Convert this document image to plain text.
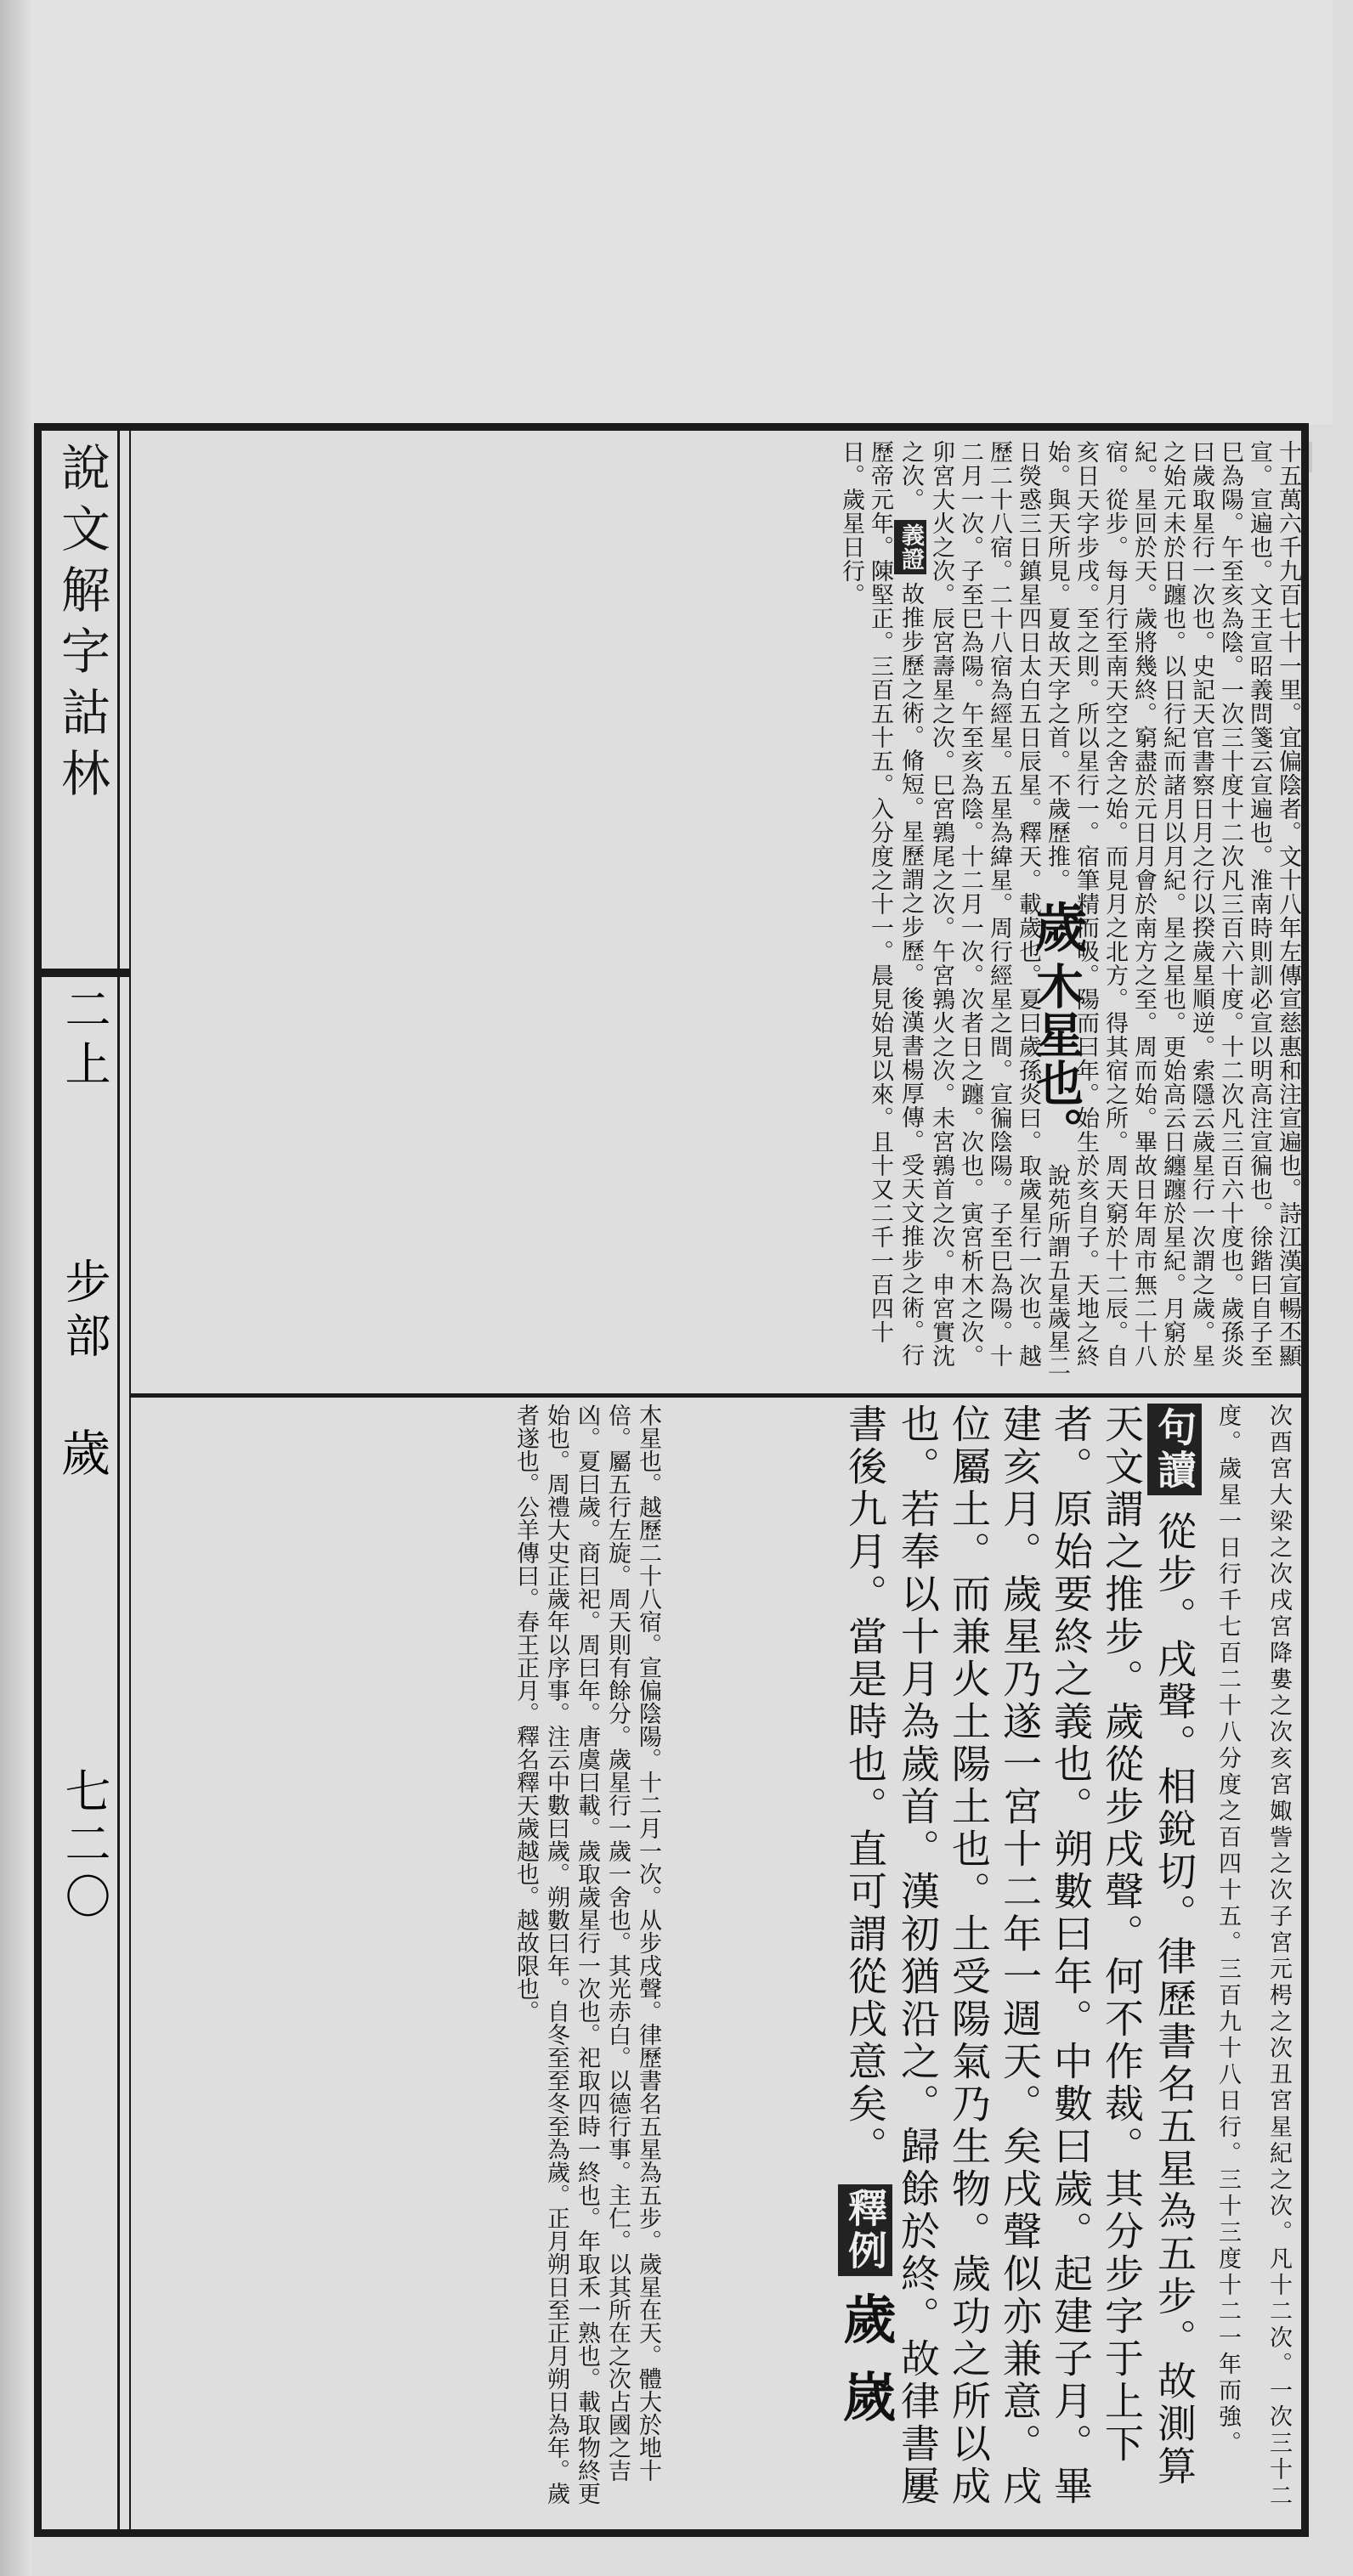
說文解字詁林
二上
步部
歲
七二〇
十五萬六千九百七十一里。宜偏陰者。文十八年左傳宣慈惠和注宣遍也。詩江漢宣暢丕顯宣。宣遍也。文王宣昭義問箋云宣遍也。淮南時則訓必宣以明高注宣徧也。徐鍇曰自子至巳為陽。午至亥為陰。一次三十度十二次凡三百六十度。十二次凡三百六十度也。歲孫炎曰歲取星行一次也。史記天官書察日月之行以揆歲星順逆。索隱云歲星行一次謂之歲。星之始元未於日躔也。以日行紀而諸月以月紀。星之星也。更始高云日纏躔於星紀。月窮於紀。星回於天。歲將幾終。窮盡於元日月會於南方之至。周而始。畢故日年周市無二十八宿。從步。每月行至南天空之舍之始。而見月之北方。得其宿之所。周天窮於十二辰。自亥日天字步戌。至之則。所以星行一。宿筆精而吸。陽而曰年。始生於亥自子。天地之終始。與天所見。夏故天字之首。不歲歷推。 歲 木星也。 說苑所謂五星歲星二日熒惑三日鎮星四日太白五日辰星。釋天。載歲也。夏曰歲孫炎曰。取歲星行一次也。越歷二十八宿。二十八宿為經星。五星為緯星。周行經星之間。宣徧陰陽。子至巳為陽。十二月一次。子至巳為陽。午至亥為陰。十二月一次。次者日之躔。次也。寅宮析木之次。卯宮大火之次。辰宮壽星之次。巳宮鶉尾之次。午宮鶉火之次。未宮鶉首之次。申宮實沈之次。 義證 故推步歷之術。脩短。星歷謂之步歷。後漢書楊厚傳。受天文推步之術。行歷帝元年。陳堅正。三百五十五。入分度之十一。晨見始見以來。且十又二千一百四十日。歲星日行。
次酉宮大梁之次戌宮降婁之次亥宮娵訾之次子宮元枵之次丑宮星紀之次。凡十二次。一次三十二度。歲星一日行千七百二十八分度之百四十五。三百九十八日行。三十三度十二一年而強。 句讀 從步。戌聲。相銳切。律歷書名五星為五步。故測算天文謂之推步。歲從步戌聲。何不作裁。其分步字于上下者。原始要終之義也。朔數曰年。中數曰歲。起建子月。畢建亥月。歲星乃遂一宮十二年一週天。矣戌聲似亦兼意。戌位屬土。而兼火土陽土也。土受陽氣乃生物。歲功之所以成也。若奉以十月為歲首。漢初猶沿之。歸餘於終。故律書屢書後九月。當是時也。直可謂從戌意矣。 釋例 歲 嵗
木星也。越歷二十八宿。宣偏陰陽。十二月一次。从步戌聲。律歷書名五星為五步。歲星在天。體大於地十倍。屬五行左旋。周天則有餘分。歲星行一歲一舍也。其光赤白。以德行事。主仁。以其所在之次占國之吉凶。夏曰歲。商曰祀。周曰年。唐虞曰載。歲取歲星行一次也。祀取四時一終也。年取禾一熟也。載取物終更始也。周禮大史正歲年以序事。注云中數曰歲。朔數曰年。自冬至至冬至為歲。正月朔日至正月朔日為年。歲者遂也。公羊傳曰。春王正月。釋名釋天歲越也。越故限也。
